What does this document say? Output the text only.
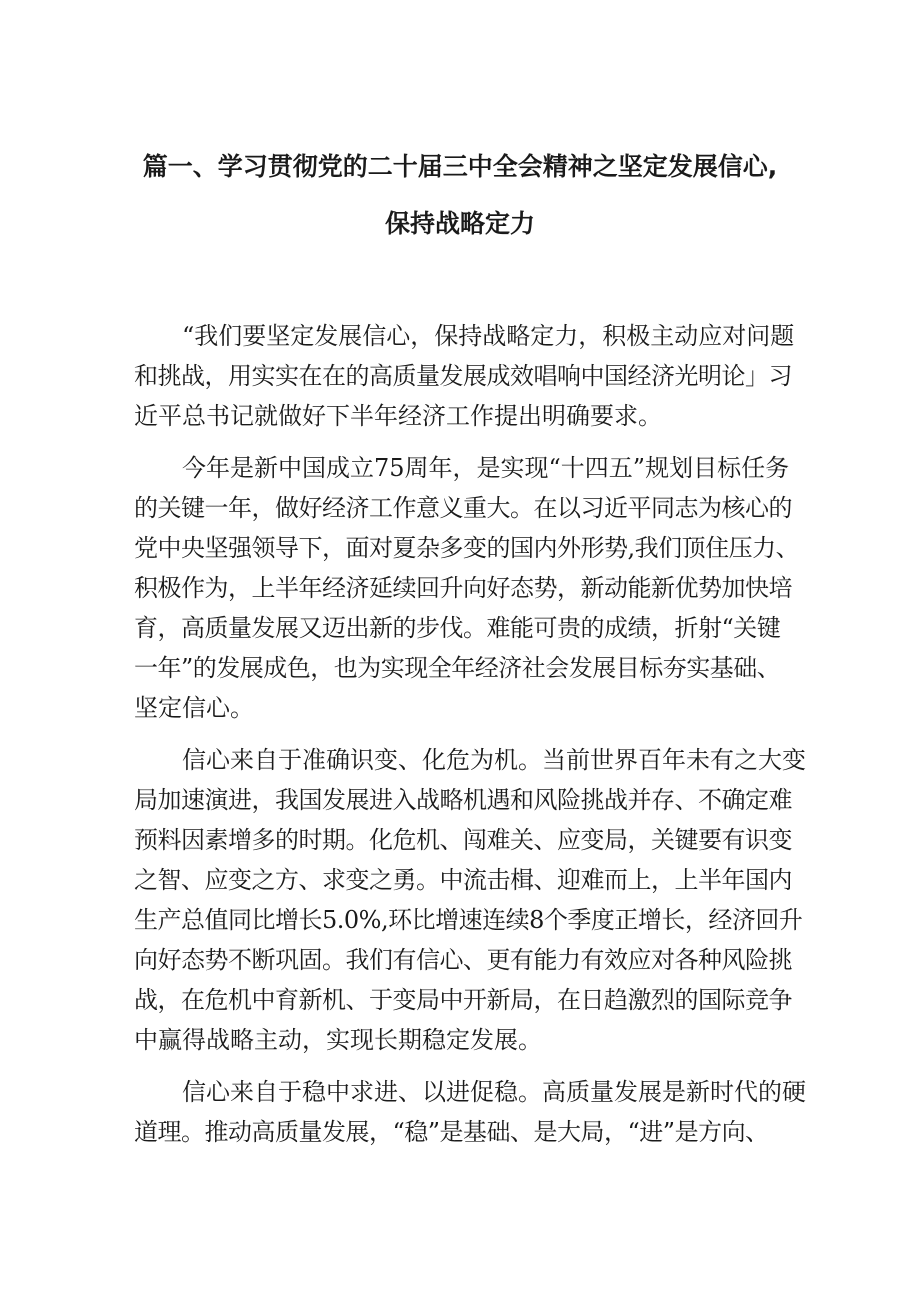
篇一、学习贯彻党的二十届三中全会精神之坚定发展信心,
保持战略定力
“我们要坚定发展信心，保持战略定力，积极主动应对问题
和挑战，用实实在在的高质量发展成效唱响中国经济光明论」习
近平总书记就做好下半年经济工作提出明确要求。
今年是新中国成立75周年，是实现“十四五”规划目标任务
的关键一年，做好经济工作意义重大。在以习近平同志为核心的
党中央坚强领导下，面对夏杂多变的国内外形势,我们顶住压力、
积极作为，上半年经济延续回升向好态势，新动能新优势加快培
育，高质量发展又迈出新的步伐。难能可贵的成绩，折射“关键
一年”的发展成色，也为实现全年经济社会发展目标夯实基础、
坚定信心。
信心来自于准确识变、化危为机。当前世界百年未有之大变
局加速演进，我国发展进入战略机遇和风险挑战并存、不确定难
预料因素增多的时期。化危机、闯难关、应变局，关键要有识变
之智、应变之方、求变之勇。中流击楫、迎难而上，上半年国内
生产总值同比增长5.0%,环比增速连续8个季度正增长，经济回升
向好态势不断巩固。我们有信心、更有能力有效应对各种风险挑
战，在危机中育新机、于变局中开新局，在日趋激烈的国际竞争
中赢得战略主动，实现长期稳定发展。
信心来自于稳中求进、以进促稳。高质量发展是新时代的硬
道理。推动高质量发展，“稳”是基础、是大局，“进”是方向、
